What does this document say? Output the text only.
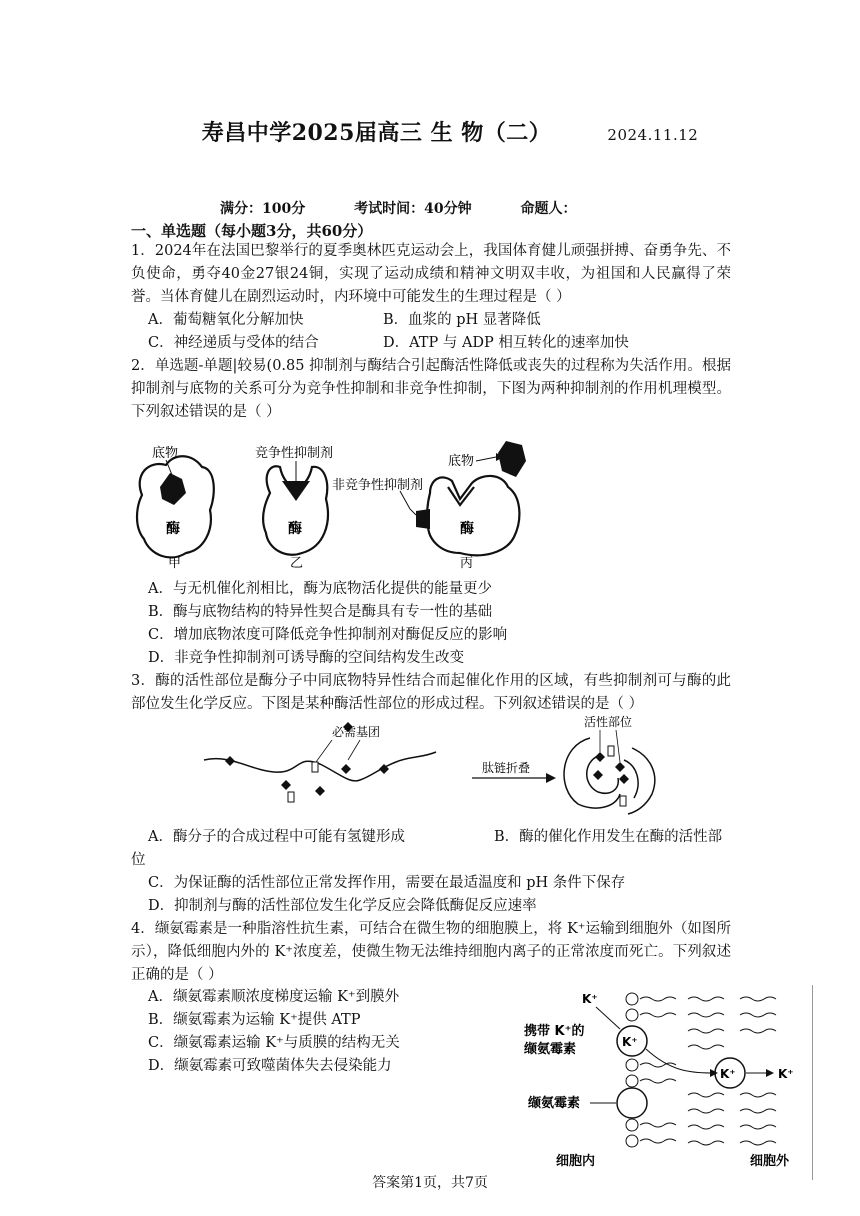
寿昌中学2025届高三 生 物（二）	2024.11.12
满分：100分	考试时间：40分钟	命题人：
一、单选题（每小题3分，共60分）
1．2024年在法国巴黎举行的夏季奥林匹克运动会上，我国体育健儿顽强拼搏、奋勇争先、不负使命，勇夺40金27银24铜，实现了运动成绩和精神文明双丰收，为祖国和人民赢得了荣誉。当体育健儿在剧烈运动时，内环境中可能发生的生理过程是（ ）
A．葡萄糖氧化分解加快	B．血浆的 pH 显著降低
C．神经递质与受体的结合	D．ATP 与 ADP 相互转化的速率加快
2．单选题-单题|较易(0.85 抑制剂与酶结合引起酶活性降低或丧失的过程称为失活作用。根据抑制剂与底物的关系可分为竞争性抑制和非竞争性抑制，下图为两种抑制剂的作用机理模型。下列叙述错误的是（ ）
底物
酶
甲
竞争性抑制剂
酶
乙
底物
非竞争性抑制剂
酶
丙
A．与无机催化剂相比，酶为底物活化提供的能量更少
B．酶与底物结构的特异性契合是酶具有专一性的基础
C．增加底物浓度可降低竞争性抑制剂对酶促反应的影响
D．非竞争性抑制剂可诱导酶的空间结构发生改变
3．酶的活性部位是酶分子中同底物特异性结合而起催化作用的区域，有些抑制剂可与酶的此部位发生化学反应。下图是某种酶活性部位的形成过程。下列叙述错误的是（ ）
必需基团
肽链折叠
活性部位
A．酶分子的合成过程中可能有氢键形成	B．酶的催化作用发生在酶的活性部
位
C．为保证酶的活性部位正常发挥作用，需要在最适温度和 pH 条件下保存
D．抑制剂与酶的活性部位发生化学反应会降低酶促反应速率
4．缬氨霉素是一种脂溶性抗生素，可结合在微生物的细胞膜上，将 K⁺运输到细胞外（如图所示），降低细胞内外的 K⁺浓度差，使微生物无法维持细胞内离子的正常浓度而死亡。下列叙述正确的是（ ）
A．缬氨霉素顺浓度梯度运输 K⁺到膜外
B．缬氨霉素为运输 K⁺提供 ATP
C．缬氨霉素运输 K⁺与质膜的结构无关
D．缬氨霉素可致噬菌体失去侵染能力
K⁺
K⁺
K⁺
K⁺
携带 K⁺的
缬氨霉素
缬氨霉素
细胞内	细胞外
答案第1页，共7页
